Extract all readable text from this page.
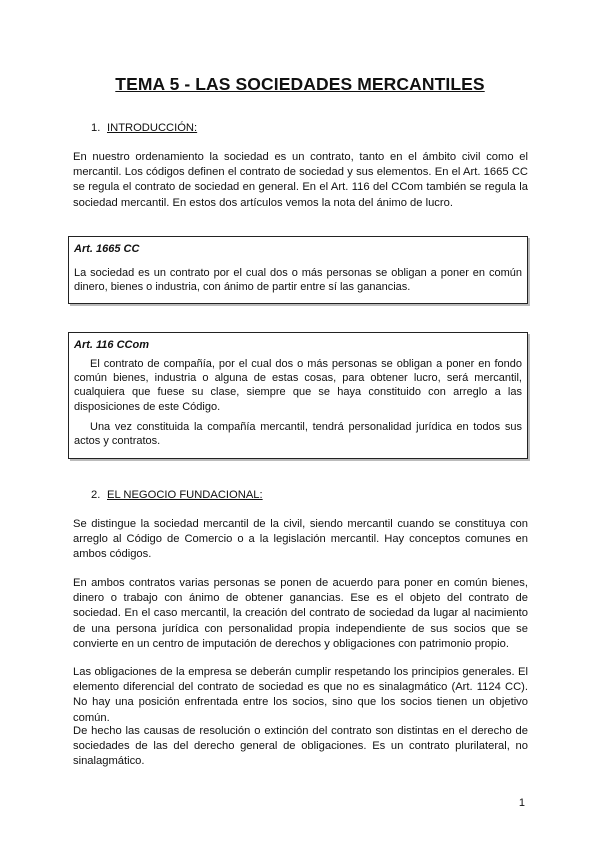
TEMA 5 - LAS SOCIEDADES MERCANTILES
1. INTRODUCCIÓN:
En nuestro ordenamiento la sociedad es un contrato, tanto en el ámbito civil como el mercantil. Los códigos definen el contrato de sociedad y sus elementos. En el Art. 1665 CC se regula el contrato de sociedad en general. En el Art. 116 del CCom también se regula la sociedad mercantil. En estos dos artículos vemos la nota del ánimo de lucro.
Art. 1665 CC
La sociedad es un contrato por el cual dos o más personas se obligan a poner en común dinero, bienes o industria, con ánimo de partir entre sí las ganancias.
Art. 116 CCom
El contrato de compañía, por el cual dos o más personas se obligan a poner en fondo común bienes, industria o alguna de estas cosas, para obtener lucro, será mercantil, cualquiera que fuese su clase, siempre que se haya constituido con arreglo a las disposiciones de este Código.
Una vez constituida la compañía mercantil, tendrá personalidad jurídica en todos sus actos y contratos.
2. EL NEGOCIO FUNDACIONAL:
Se distingue la sociedad mercantil de la civil, siendo mercantil cuando se constituya con arreglo al Código de Comercio o a la legislación mercantil. Hay conceptos comunes en ambos códigos.
En ambos contratos varias personas se ponen de acuerdo para poner en común bienes, dinero o trabajo con ánimo de obtener ganancias. Ese es el objeto del contrato de sociedad. En el caso mercantil, la creación del contrato de sociedad da lugar al nacimiento de una persona jurídica con personalidad propia independiente de sus socios que se convierte en un centro de imputación de derechos y obligaciones con patrimonio propio.
Las obligaciones de la empresa se deberán cumplir respetando los principios generales. El elemento diferencial del contrato de sociedad es que no es sinalagmático (Art. 1124 CC). No hay una posición enfrentada entre los socios, sino que los socios tienen un objetivo común.
De hecho las causas de resolución o extinción del contrato son distintas en el derecho de sociedades de las del derecho general de obligaciones. Es un contrato plurilateral, no sinalagmático.
1
